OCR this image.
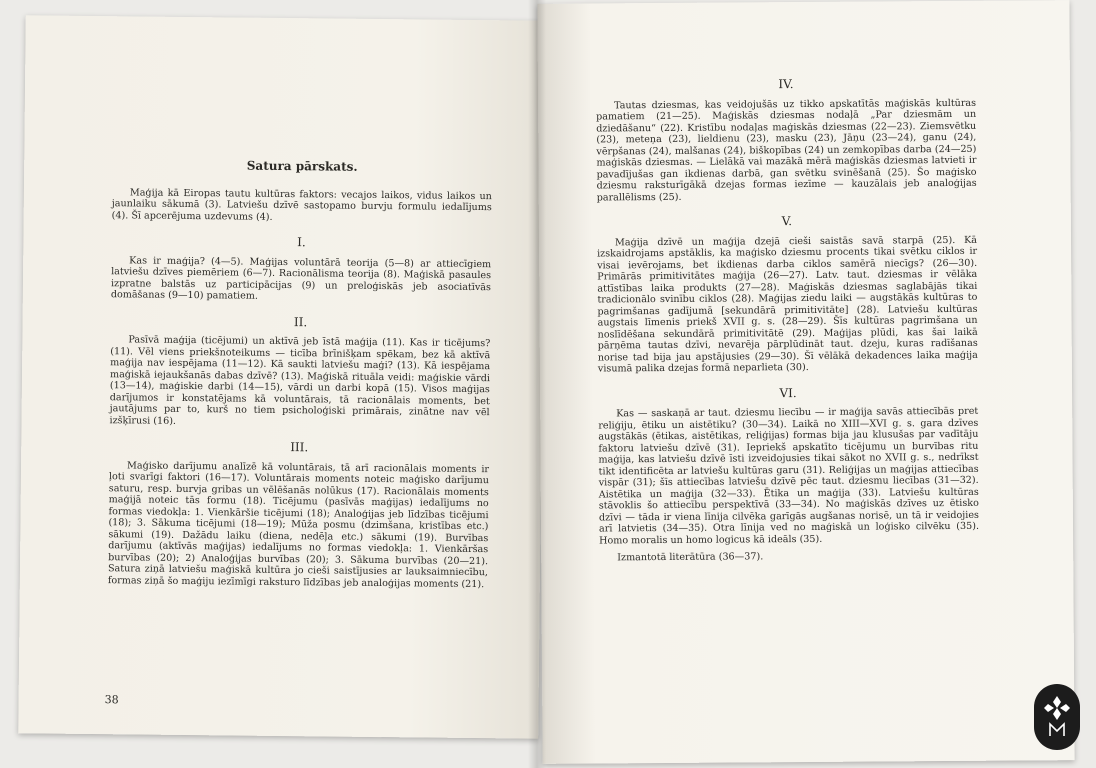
Satura pārskats.

Maģija kā Eiropas tautu kultūras faktors: vecajos laikos, vidus laikos un jaunlaiku sākumā (3). Latviešu dzīvē sastopamo burvju formulu iedalījums (4). Šī apcerējuma uzdevums (4).

I.

Kas ir maģija? (4—5). Maģijas voluntārā teorija (5—8) ar attiecīgiem latviešu dzīves piemēriem (6—7). Racionālisma teorija (8). Maģiskā pasaules izpratne balstās uz participācijas (9) un preloģiskās jeb asociatīvās domāšanas (9—10) pamatiem.

II.

Pasīvā maģija (ticējumi) un aktīvā jeb īstā maģija (11). Kas ir ticējums? (11). Vēl viens priekšnoteikums — ticība brīnišķam spēkam, bez kā aktīvā maģija nav iespējama (11—12). Kā saukti latviešu maģi? (13). Kā iespējama maģiskā iejaukšanās dabas dzīvē? (13). Maģiskā rituāla veidi: maģiskie vārdi (13—14), maģiskie darbi (14—15), vārdi un darbi kopā (15). Visos maģijas darījumos ir konstatējams kā voluntārais, tā racionālais moments, bet jautājums par to, kurš no tiem psicholoģiski primārais, zinātne nav vēl izšķīrusi (16).

III.

Maģisko darījumu analīzē kā voluntārais, tā arī racionālais moments ir ļoti svarīgi faktori (16—17). Voluntārais moments noteic maģisko darījumu saturu, resp. burvja gribas un vēlēšanās nolūkus (17). Racionālais moments maģijā noteic tās formu (18). Ticējumu (pasīvās maģijas) iedalījums no formas viedokļa: 1. Vienkāršie ticējumi (18); Analoģijas jeb līdzības ticējumi (18); 3. Sākuma ticējumi (18—19); Mūža posmu (dzimšana, kristības etc.) sākumi (19). Dažādu laiku (diena, nedēļa etc.) sākumi (19). Burvības darījumu (aktīvās maģijas) iedalījums no formas viedokļa: 1. Vienkāršas burvības (20); 2) Analoģijas burvības (20); 3. Sākuma burvības (20—21). Satura ziņā latviešu maģiskā kultūra jo cieši saistījusies ar lauksaimniecību, formas ziņā šo maģiju iezīmīgi raksturo līdzības jeb analoģijas moments (21).

38
IV.

Tautas dziesmas, kas veidojušās uz tikko apskatītās maģiskās kultūras pamatiem (21—25). Maģiskās dziesmas nodaļā „Par dziesmām un dziedāšanu“ (22). Kristību nodaļas maģiskās dziesmas (22—23). Ziemsvētku (23), meteņa (23), lieldienu (23), masku (23), Jāņu (23—24), ganu (24), vērpšanas (24), malšanas (24), biškopības (24) un zemkopības darba (24—25) maģiskās dziesmas. — Lielākā vai mazākā mērā maģiskās dziesmas latvieti ir pavadījušas gan ikdienas darbā, gan svētku svinēšanā (25). Šo maģisko dziesmu raksturīgākā dzejas formas iezīme — kauzālais jeb analoģijas parallēlisms (25).

V.

Maģija dzīvē un maģija dzejā cieši saistās savā starpā (25). Kā izskaidrojams apstāklis, ka maģisko dziesmu procents tikai svētku ciklos ir visai ievērojams, bet ikdienas darba ciklos samērā niecīgs? (26—30). Primārās primitivitātes maģija (26—27). Latv. taut. dziesmas ir vēlāka attīstības laika produkts (27—28). Maģiskās dziesmas saglabājās tikai tradicionālo svinību ciklos (28). Maģijas ziedu laiki — augstākās kultūras to pagrimšanas gadījumā [sekundārā primitivitāte] (28). Latviešu kultūras augstais līmenis priekš XVII g. s. (28—29). Šīs kultūras pagrimšana un noslīdēšana sekundārā primitivitātē (29). Maģijas plūdi, kas šai laikā pārņēma tautas dzīvi, nevarēja pārplūdināt taut. dzeju, kuras radīšanas norise tad bija jau apstājusies (29—30). Šī vēlākā dekadences laika maģija visumā palika dzejas formā neparlieta (30).

VI.

Kas — saskaņā ar taut. dziesmu liecību — ir maģija savās attiecībās pret reliģiju, ētiku un aistētiku? (30—34). Laikā no XIII—XVI g. s. gara dzīves augstākās (ētikas, aistētikas, reliģijas) formas bija jau klusušas par vadītāju faktoru latviešu dzīvē (31). Iepriekš apskatīto ticējumu un burvības ritu maģija, kas latviešu dzīvē īsti izveidojusies tikai sākot no XVII g. s., nedrīkst tikt identificēta ar latviešu kultūras garu (31). Reliģijas un maģijas attiecības vispār (31); šīs attiecības latviešu dzīvē pēc taut. dziesmu liecības (31—32). Aistētika un maģija (32—33). Ētika un maģija (33). Latviešu kultūras stāvoklis šo attiecību perspektīvā (33—34). No maģiskās dzīves uz ētisko dzīvi — tāda ir viena līnija cilvēka garīgās augšanas norisē, un tā ir veidojies arī latvietis (34—35). Otra līnija ved no maģiskā un loģisko cilvēku (35). Homo moralis un homo logicus kā ideāls (35).

Izmantotā literātūra (36—37).
